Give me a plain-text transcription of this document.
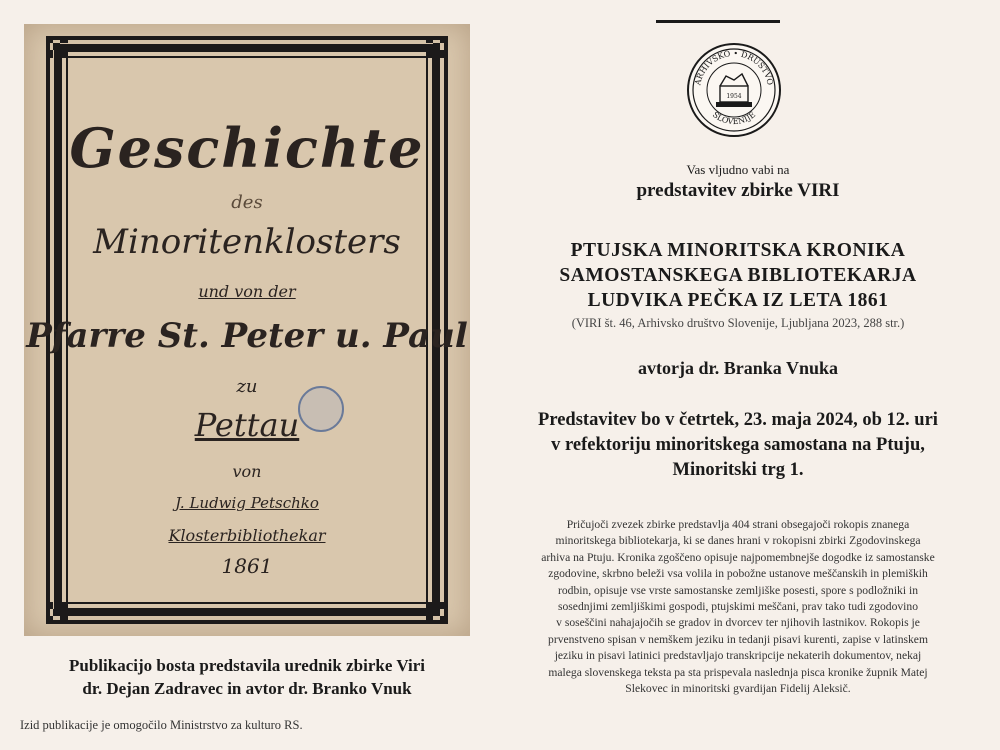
Geschichte
des
Minoritenklosters
und von der
Pfarre St. Peter u. Paul
zu
Pettau
von
J. Ludwig Petschko
Klosterbibliothekar
1861
Publikacijo bosta predstavila urednik zbirke Viri
dr. Dejan Zadravec in avtor dr. Branko Vnuk
Izid publikacije je omogočilo Ministrstvo za kulturo RS.
ARHIVSKO • DRUŠTVO
SLOVENIJE
1954
Vas vljudno vabi na
predstavitev zbirke VIRI
PTUJSKA MINORITSKA KRONIKA
SAMOSTANSKEGA BIBLIOTEKARJA
LUDVIKA PEČKA IZ LETA 1861
(VIRI št. 46, Arhivsko društvo Slovenije, Ljubljana 2023, 288 str.)
avtorja dr. Branka Vnuka
Predstavitev bo v četrtek, 23. maja 2024, ob 12. uri
v refektoriju minoritskega samostana na Ptuju,
Minoritski trg 1.
Pričujoči zvezek zbirke predstavlja 404 strani obsegajoči rokopis znanega
minoritskega bibliotekarja, ki se danes hrani v rokopisni zbirki Zgodovinskega
arhiva na Ptuju. Kronika zgoščeno opisuje najpomembnejše dogodke iz samostanske
zgodovine, skrbno beleži vsa volila in pobožne ustanove meščanskih in plemiških
rodbin, opisuje vse vrste samostanske zemljiške posesti, spore s podložniki in
sosednjimi zemljiškimi gospodi, ptujskimi meščani, prav tako tudi zgodovino
v soseščini nahajajočih se gradov in dvorcev ter njihovih lastnikov. Rokopis je
prvenstveno spisan v nemškem jeziku in tedanji pisavi kurenti, zapise v latinskem
jeziku in pisavi latinici predstavljajo transkripcije nekaterih dokumentov, nekaj
malega slovenskega teksta pa sta prispevala naslednja pisca kronike župnik Matej
Slekovec in minoritski gvardijan Fidelij Aleksič.
